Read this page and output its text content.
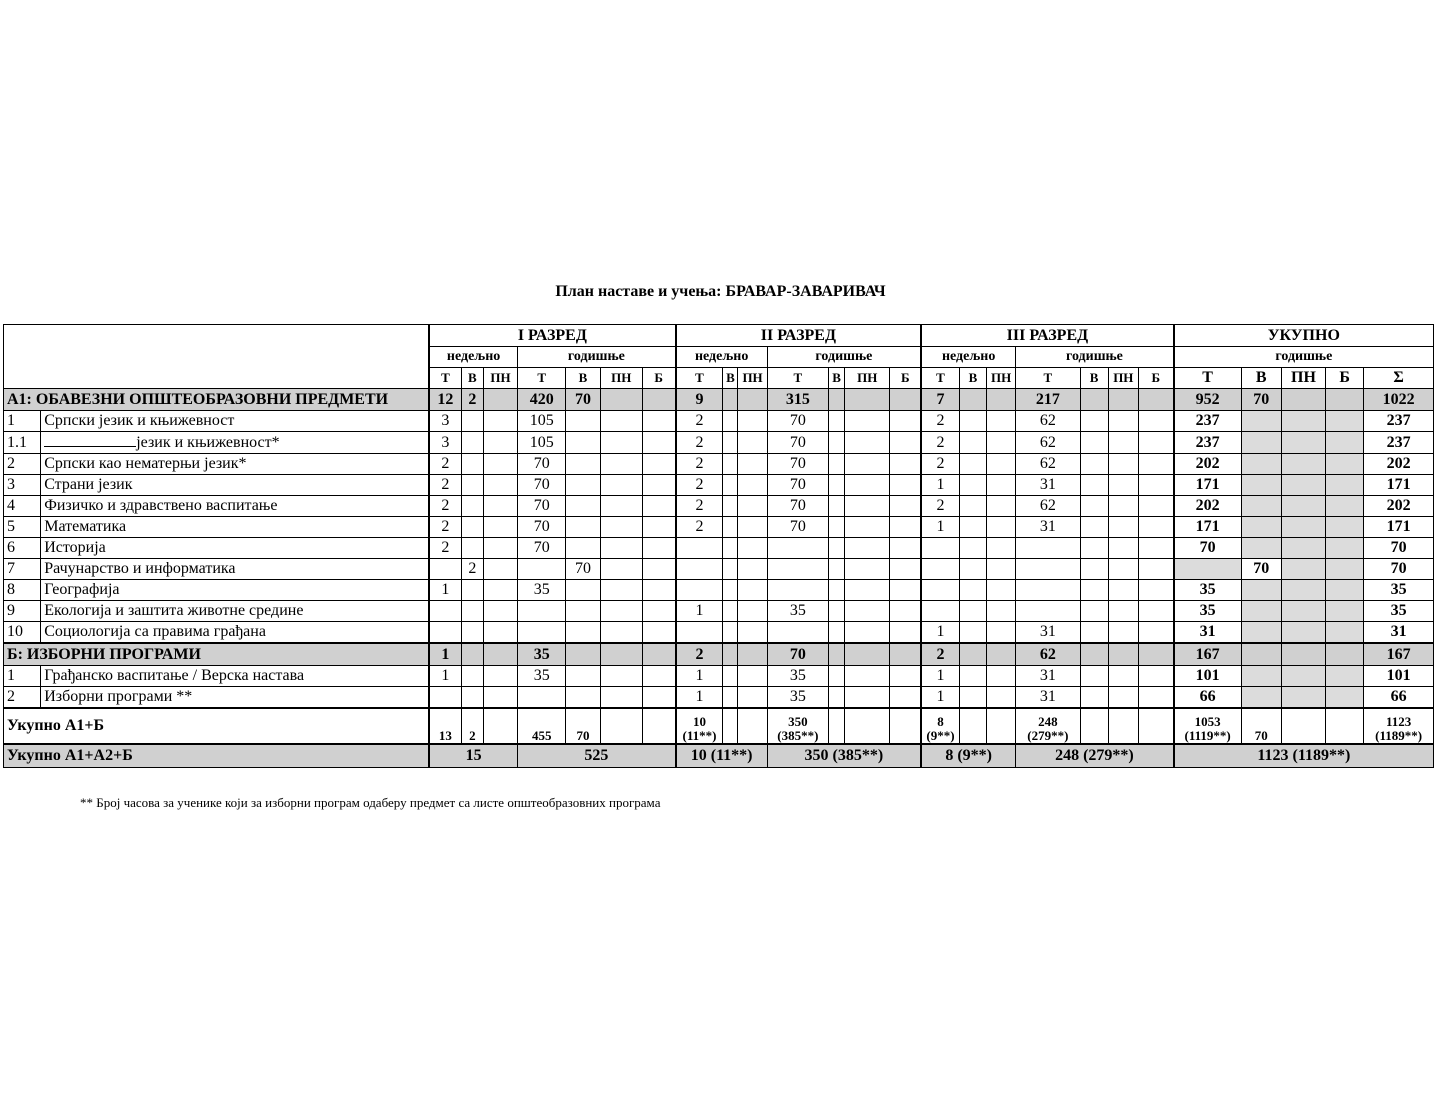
План наставе и учења: БРАВАР-ЗАВАРИВАЧ
		I РАЗРЕД							II РАЗРЕД							III РАЗРЕД							УКУПНО				
		недељно			годишње				недељно			годишње				недељно			годишње				годишње				
		Т	В	ПН	Т	В	ПН	Б	Т	В	ПН	Т	В	ПН	Б	Т	В	ПН	Т	В	ПН	Б	Т	В	ПН	Б	Σ
А1: ОБАВЕЗНИ ОПШТЕОБРАЗОВНИ ПРЕДМЕТИ		12	2		420	70			9			315				7			217				952	70			1022
1	Српски језик и књижевност	3			105				2			70				2			62				237				237
1.1	језик и књижевност*	3			105				2			70				2			62				237				237
2	Српски као нематерњи језик*	2			70				2			70				2			62				202				202
3	Страни језик	2			70				2			70				1			31				171				171
4	Физичко и здравствено васпитање	2			70				2			70				2			62				202				202
5	Математика	2			70				2			70				1			31				171				171
6	Историја	2			70																		70				70
7	Рачунарство и информатика		2			70																		70			70
8	Географија	1			35																		35				35
9	Екологија и заштита животне средине								1			35											35				35
10	Социологија са правима грађана															1			31				31				31
Б: ИЗБОРНИ ПРОГРАМИ		1			35				2			70				2			62				167				167
1	Грађанско васпитање / Верска настава	1			35				1			35				1			31				101				101
2	Изборни програми **								1			35				1			31				66				66
Укупно А1+Б		13	2		455	70			10 (11**)			350 (385**)				8 (9**)			248 (279**)				1053 (1119**)	70			1123 (1189**)
Укупно А1+А2+Б		15			525				10 (11**)			350 (385**)				8 (9**)			248 (279**)				1123 (1189**)				
** Број часова за ученике који за изборни програм одаберу предмет са листе општеобразовних програма
